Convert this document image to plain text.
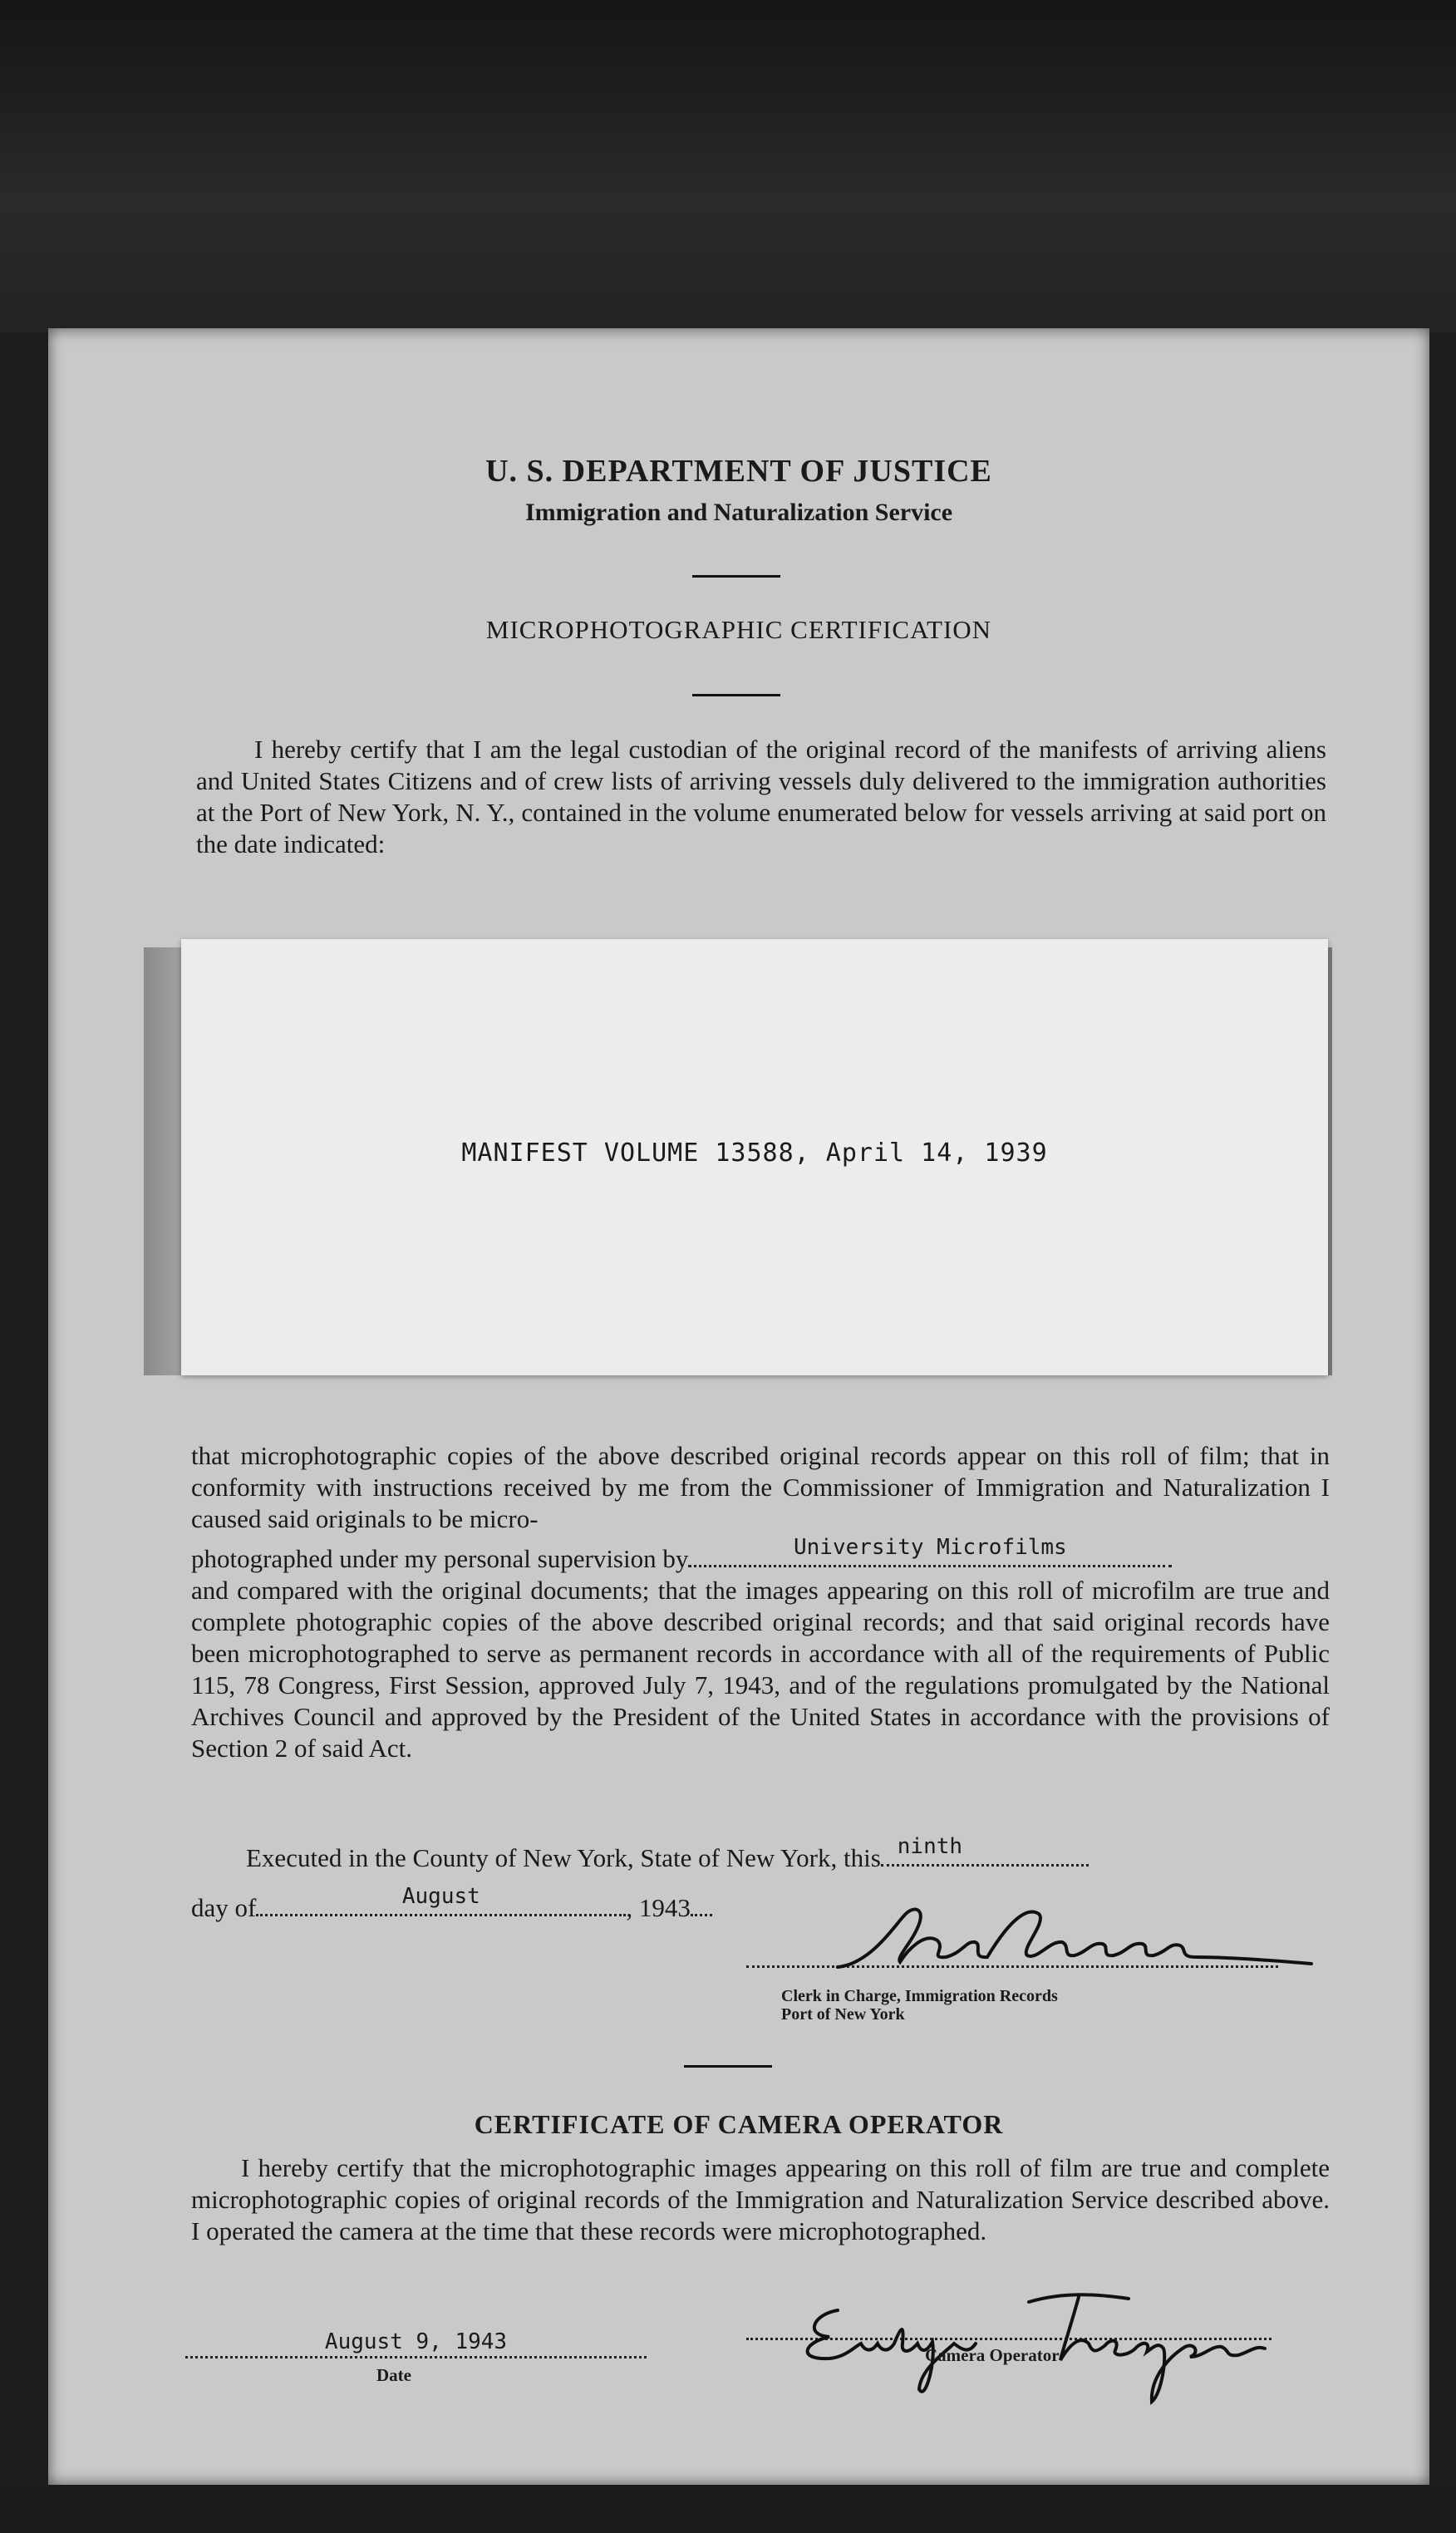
U. S. DEPARTMENT OF JUSTICE
Immigration and Naturalization Service
MICROPHOTOGRAPHIC CERTIFICATION
I hereby certify that I am the legal custodian of the original record of the manifests of arriving aliens and United States Citizens and of crew lists of arriving vessels duly delivered to the immigration authorities at the Port of New York, N. Y., contained in the volume enumerated below for vessels arriving at said port on the date indicated:
MANIFEST VOLUME 13588, April 14, 1939
that microphotographic copies of the above described original records appear on this roll of film; that in conformity with instructions received by me from the Commissioner of Immigration and Naturalization I caused said originals to be micro-
photographed under my personal supervision by	University Microfilms
and compared with the original documents; that the images appearing on this roll of microfilm are true and complete photographic copies of the above described original records; and that said original records have been microphotographed to serve as permanent records in accordance with all of the requirements of Public 115, 78 Congress, First Session, approved July 7, 1943, and of the regulations promulgated by the National Archives Council and approved by the President of the United States in accordance with the provisions of Section 2 of said Act.
Executed in the County of New York, State of New York, this ninth
day of	August	, 1943
Clerk in Charge, Immigration Records
Port of New York
CERTIFICATE OF CAMERA OPERATOR
I hereby certify that the microphotographic images appearing on this roll of film are true and complete microphotographic copies of original records of the Immigration and Naturalization Service described above. I operated the camera at the time that these records were microphotographed.
August 9, 1943
Date
Camera Operator
